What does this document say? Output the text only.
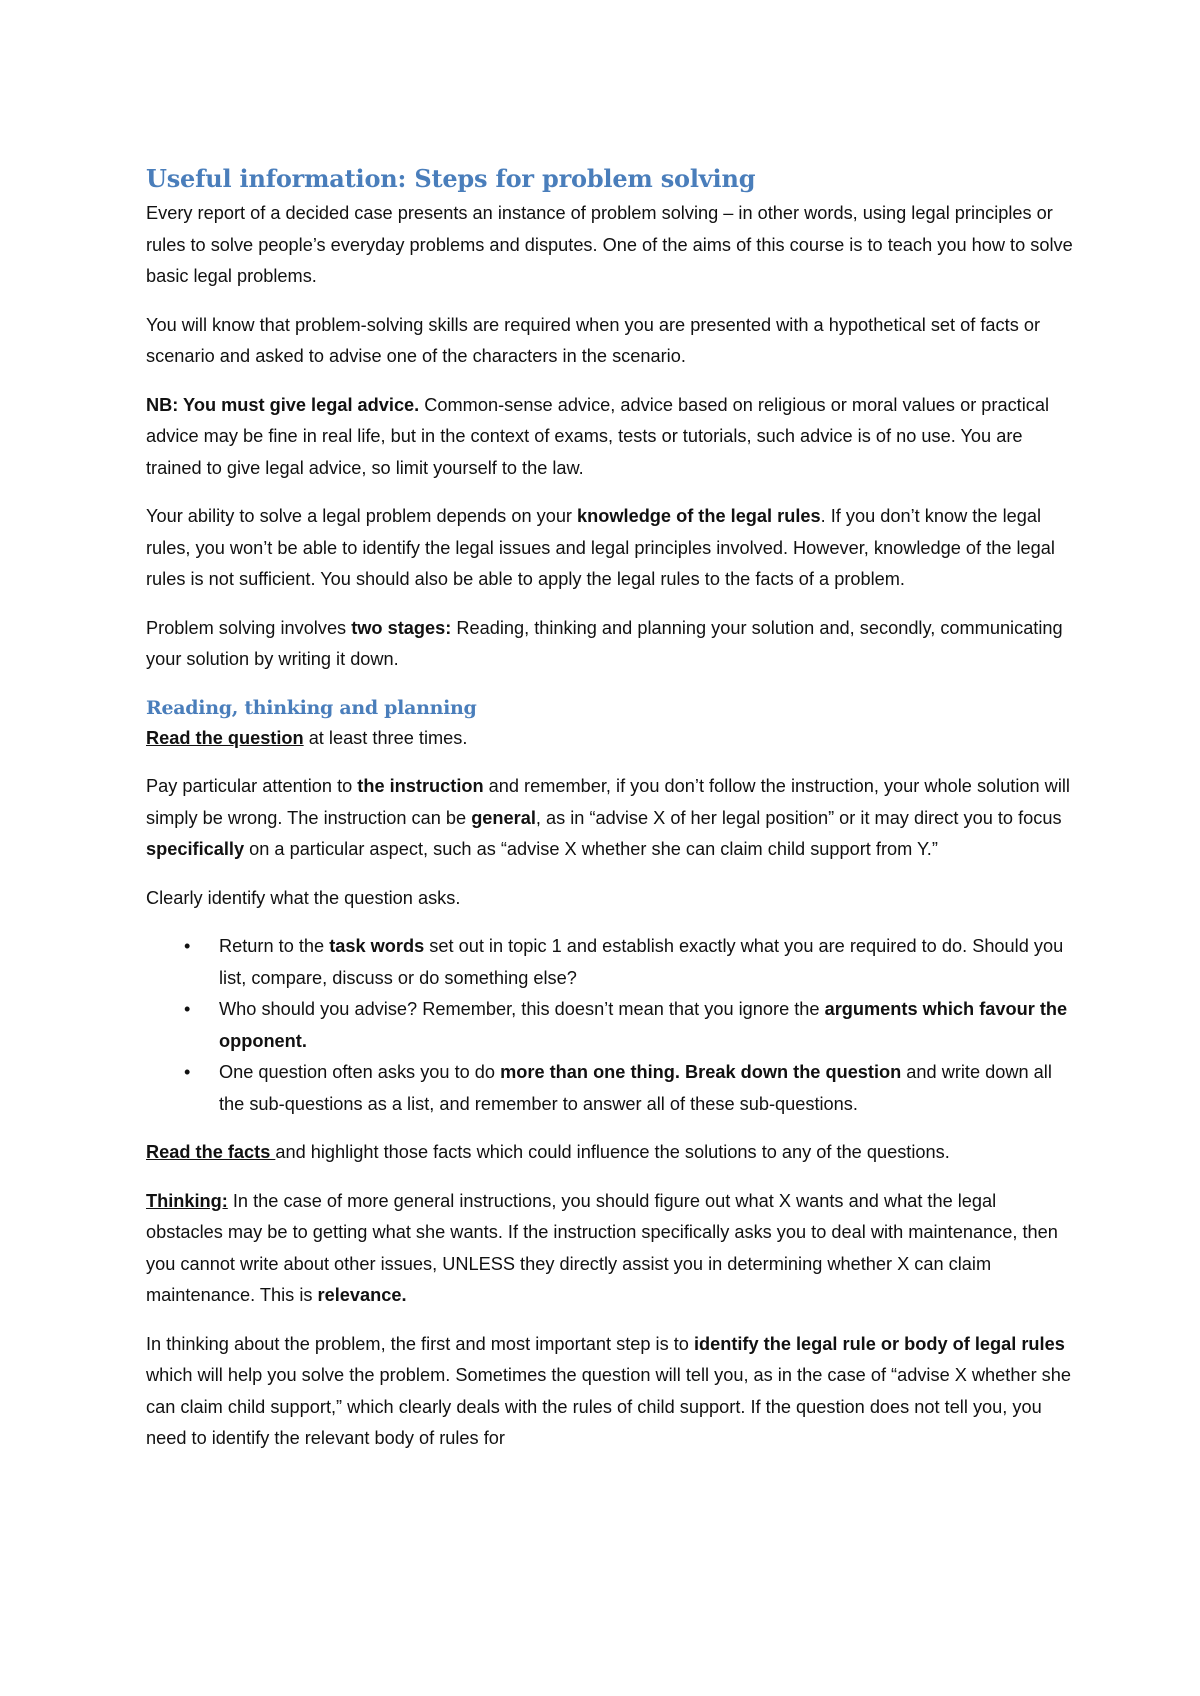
Useful information: Steps for problem solving

Every report of a decided case presents an instance of problem solving – in other words, using legal principles or rules to solve people’s everyday problems and disputes. One of the aims of this course is to teach you how to solve basic legal problems.

You will know that problem-solving skills are required when you are presented with a hypothetical set of facts or scenario and asked to advise one of the characters in the scenario.

NB: You must give legal advice. Common-sense advice, advice based on religious or moral values or practical advice may be fine in real life, but in the context of exams, tests or tutorials, such advice is of no use. You are trained to give legal advice, so limit yourself to the law.

Your ability to solve a legal problem depends on your knowledge of the legal rules. If you don’t know the legal rules, you won’t be able to identify the legal issues and legal principles involved. However, knowledge of the legal rules is not sufficient. You should also be able to apply the legal rules to the facts of a problem.

Problem solving involves two stages: Reading, thinking and planning your solution and, secondly, communicating your solution by writing it down.

Reading, thinking and planning

Read the question at least three times.

Pay particular attention to the instruction and remember, if you don’t follow the instruction, your whole solution will simply be wrong. The instruction can be general, as in “advise X of her legal position” or it may direct you to focus specifically on a particular aspect, such as “advise X whether she can claim child support from Y.”

Clearly identify what the question asks.

• Return to the task words set out in topic 1 and establish exactly what you are required to do. Should you list, compare, discuss or do something else?
• Who should you advise? Remember, this doesn’t mean that you ignore the arguments which favour the opponent.
• One question often asks you to do more than one thing. Break down the question and write down all the sub-questions as a list, and remember to answer all of these sub-questions.

Read the facts and highlight those facts which could influence the solutions to any of the questions.

Thinking: In the case of more general instructions, you should figure out what X wants and what the legal obstacles may be to getting what she wants. If the instruction specifically asks you to deal with maintenance, then you cannot write about other issues, UNLESS they directly assist you in determining whether X can claim maintenance. This is relevance.

In thinking about the problem, the first and most important step is to identify the legal rule or body of legal rules which will help you solve the problem. Sometimes the question will tell you, as in the case of “advise X whether she can claim child support,” which clearly deals with the rules of child support. If the question does not tell you, you need to identify the relevant body of rules for
